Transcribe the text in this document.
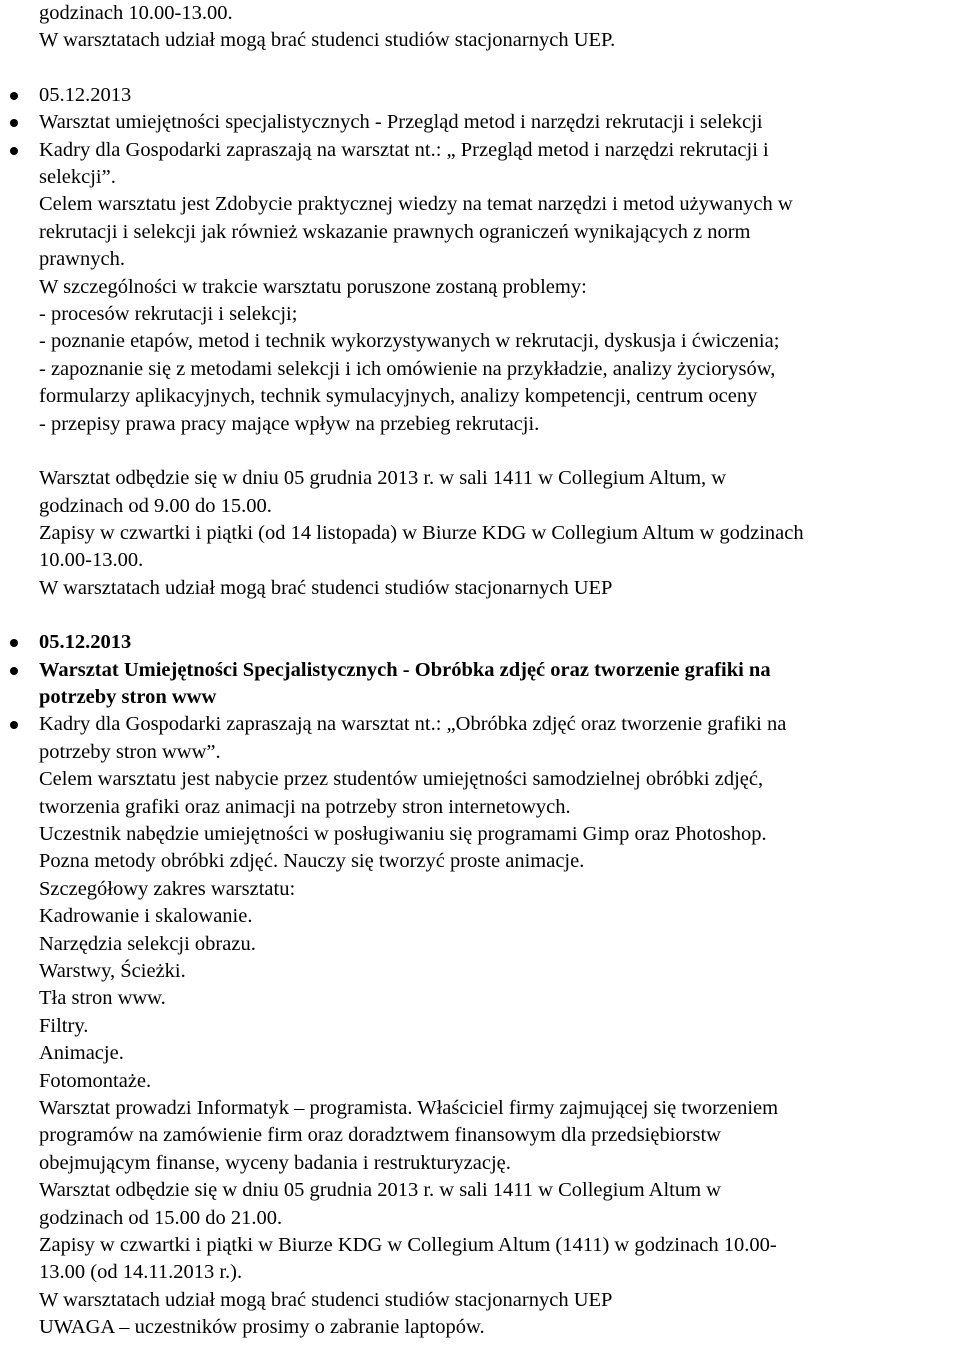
godzinach 10.00-13.00.
W warsztatach udział mogą brać studenci studiów stacjonarnych UEP.
05.12.2013
Warsztat umiejętności specjalistycznych - Przegląd metod i narzędzi rekrutacji i selekcji
Kadry dla Gospodarki zapraszają na warsztat nt.: „ Przegląd metod i narzędzi rekrutacji i
selekcji”.
Celem warsztatu jest Zdobycie praktycznej wiedzy na temat narzędzi i metod używanych w
rekrutacji i selekcji jak również wskazanie prawnych ograniczeń wynikających z norm
prawnych.
W szczególności w trakcie warsztatu poruszone zostaną problemy:
- procesów rekrutacji i selekcji;
- poznanie etapów, metod i technik wykorzystywanych w rekrutacji, dyskusja i ćwiczenia;
- zapoznanie się z metodami selekcji i ich omówienie na przykładzie, analizy życiorysów,
formularzy aplikacyjnych, technik symulacyjnych, analizy kompetencji, centrum oceny
- przepisy prawa pracy mające wpływ na przebieg rekrutacji.
Warsztat odbędzie się w dniu 05 grudnia 2013 r. w sali 1411 w Collegium Altum, w
godzinach od 9.00 do 15.00.
Zapisy w czwartki i piątki (od 14 listopada) w Biurze KDG w Collegium Altum w godzinach
10.00-13.00.
W warsztatach udział mogą brać studenci studiów stacjonarnych UEP
05.12.2013
Warsztat Umiejętności Specjalistycznych - Obróbka zdjęć oraz tworzenie grafiki na
potrzeby stron www
Kadry dla Gospodarki zapraszają na warsztat nt.: „Obróbka zdjęć oraz tworzenie grafiki na
potrzeby stron www”.
Celem warsztatu jest nabycie przez studentów umiejętności samodzielnej obróbki zdjęć,
tworzenia grafiki oraz animacji na potrzeby stron internetowych.
Uczestnik nabędzie umiejętności w posługiwaniu się programami Gimp oraz Photoshop.
Pozna metody obróbki zdjęć. Nauczy się tworzyć proste animacje.
Szczegółowy zakres warsztatu:
Kadrowanie i skalowanie.
Narzędzia selekcji obrazu.
Warstwy, Ścieżki.
Tła stron www.
Filtry.
Animacje.
Fotomontaże.
Warsztat prowadzi Informatyk – programista. Właściciel firmy zajmującej się tworzeniem
programów na zamówienie firm oraz doradztwem finansowym dla przedsiębiorstw
obejmującym finanse, wyceny badania i restrukturyzację.
Warsztat odbędzie się w dniu 05 grudnia 2013 r. w sali 1411 w Collegium Altum w
godzinach od 15.00 do 21.00.
Zapisy w czwartki i piątki w Biurze KDG w Collegium Altum (1411) w godzinach 10.00-
13.00 (od 14.11.2013 r.).
W warsztatach udział mogą brać studenci studiów stacjonarnych UEP
UWAGA – uczestników prosimy o zabranie laptopów.
